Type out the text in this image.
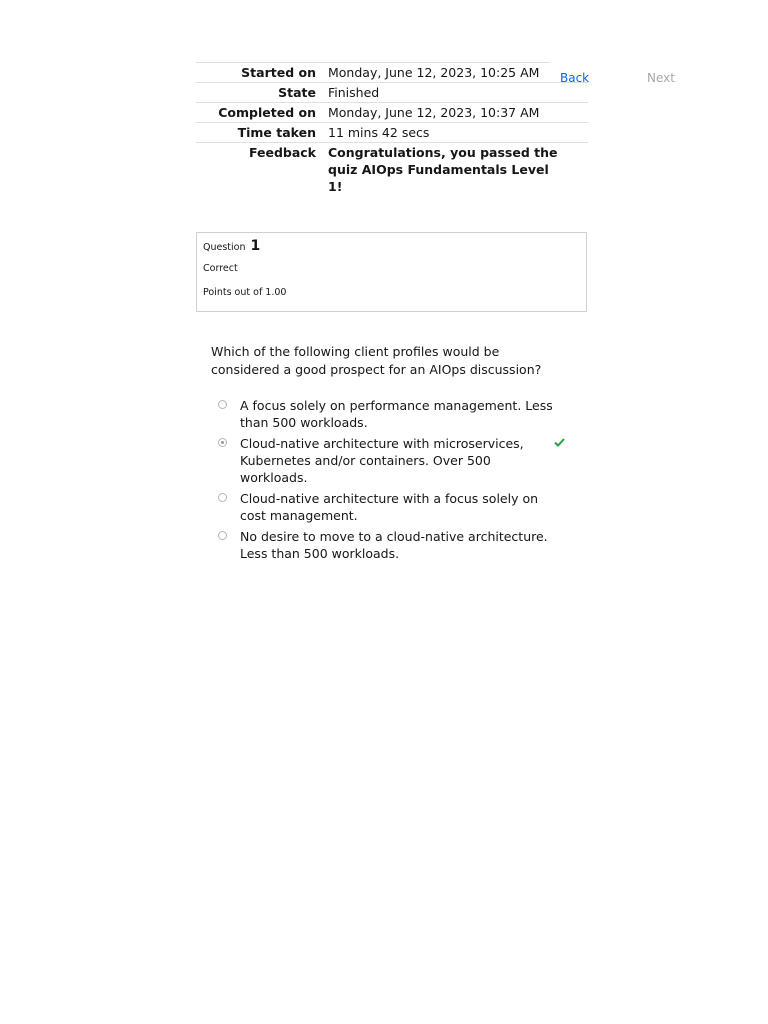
Started on Monday, June 12, 2023, 10:25 AM
State Finished
Completed on Monday, June 12, 2023, 10:37 AM
Time taken 11 mins 42 secs
Feedback Congratulations, you passed the quiz AIOps Fundamentals Level 1!
Back	Next
Question 1
Correct
Points out of 1.00
Which of the following client profiles would be considered a good prospect for an AIOps discussion?
A focus solely on performance management. Less than 500 workloads.
Cloud-native architecture with microservices, Kubernetes and/or containers. Over 500 workloads.
Cloud-native architecture with a focus solely on cost management.
No desire to move to a cloud-native architecture. Less than 500 workloads.
